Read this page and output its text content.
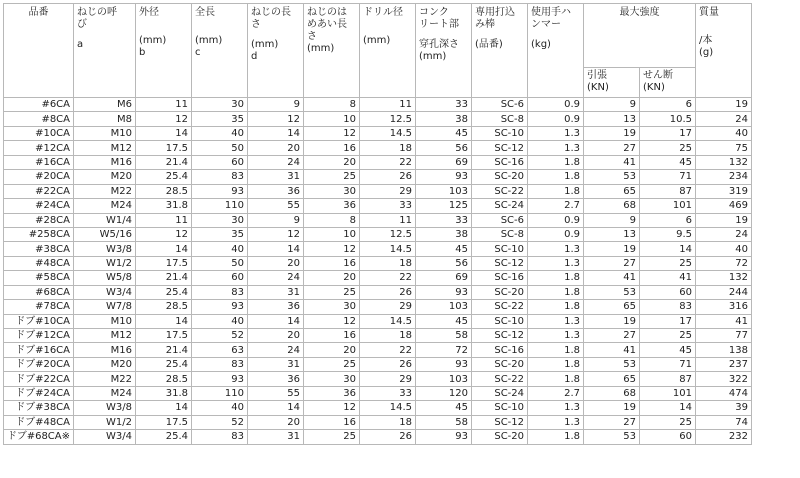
品番	ねじの呼
び
a	外径
(mm)
b	全長
(mm)
c	ねじの長
さ
(mm)
d	ねじのは
めあい長
さ
(mm)	ドリル径
(mm)	コンク
リート部
穿孔深さ
(mm)	専用打込
み棒
(品番)	使用手ハ
ンマー
(kg)	最大強度		質量
/本
(g)

										引張
(KN)	せん断
(KN)	

#6CA	M6	11	30	9	8	11	33	SC-6	0.9	9	6	19
#8CA	M8	12	35	12	10	12.5	38	SC-8	0.9	13	10.5	24
#10CA	M10	14	40	14	12	14.5	45	SC-10	1.3	19	17	40
#12CA	M12	17.5	50	20	16	18	56	SC-12	1.3	27	25	75
#16CA	M16	21.4	60	24	20	22	69	SC-16	1.8	41	45	132
#20CA	M20	25.4	83	31	25	26	93	SC-20	1.8	53	71	234
#22CA	M22	28.5	93	36	30	29	103	SC-22	1.8	65	87	319
#24CA	M24	31.8	110	55	36	33	125	SC-24	2.7	68	101	469
#28CA	W1/4	11	30	9	8	11	33	SC-6	0.9	9	6	19
#258CA	W5/16	12	35	12	10	12.5	38	SC-8	0.9	13	9.5	24
#38CA	W3/8	14	40	14	12	14.5	45	SC-10	1.3	19	14	40
#48CA	W1/2	17.5	50	20	16	18	56	SC-12	1.3	27	25	72
#58CA	W5/8	21.4	60	24	20	22	69	SC-16	1.8	41	41	132
#68CA	W3/4	25.4	83	31	25	26	93	SC-20	1.8	53	60	244
#78CA	W7/8	28.5	93	36	30	29	103	SC-22	1.8	65	83	316
ドブ#10CA	M10	14	40	14	12	14.5	45	SC-10	1.3	19	17	41
ドブ#12CA	M12	17.5	52	20	16	18	58	SC-12	1.3	27	25	77
ドブ#16CA	M16	21.4	63	24	20	22	72	SC-16	1.8	41	45	138
ドブ#20CA	M20	25.4	83	31	25	26	93	SC-20	1.8	53	71	237
ドブ#22CA	M22	28.5	93	36	30	29	103	SC-22	1.8	65	87	322
ドブ#24CA	M24	31.8	110	55	36	33	120	SC-24	2.7	68	101	474
ドブ#38CA	W3/8	14	40	14	12	14.5	45	SC-10	1.3	19	14	39
ドブ#48CA	W1/2	17.5	52	20	16	18	58	SC-12	1.3	27	25	74
ドブ#68CA※	W3/4	25.4	83	31	25	26	93	SC-20	1.8	53	60	232
